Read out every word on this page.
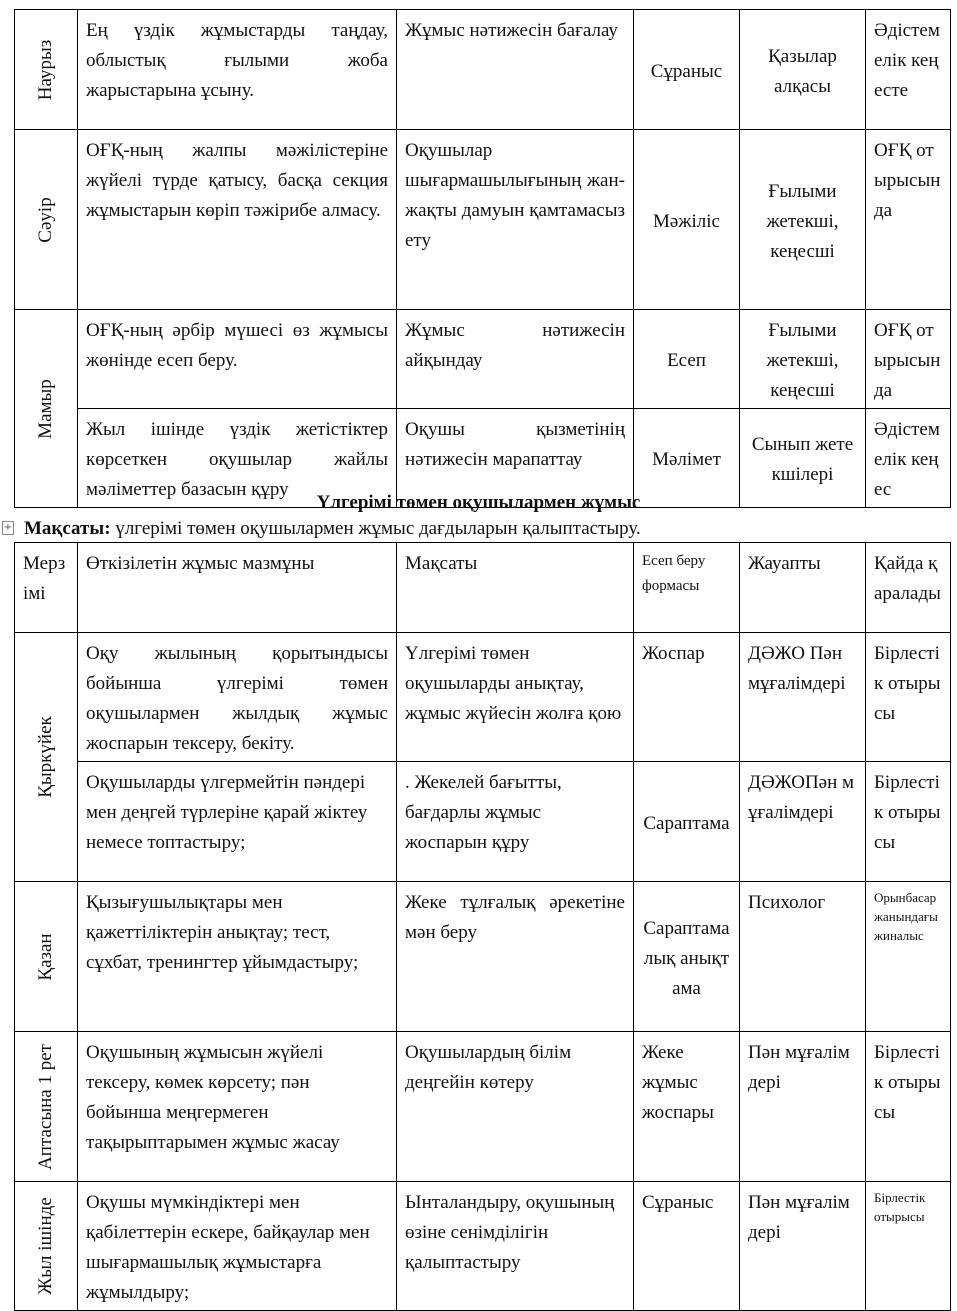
Наурыз	Ең үздік жұмыстарды таңдау, облыстық ғылыми жоба жарыстарына ұсыну.	Жұмыс нәтижесін бағалау	Сұраныс	Қазылар алқасы	Әдістемелік кеңесте

Сәуір	ОҒҚ-ның жалпы мәжілістеріне жүйелі түрде қатысу, басқа секция жұмыстарын көріп тәжірибе алмасу.	Оқушылар шығармашылығының жан-жақты дамуын қамтамасыз ету	Мәжіліс	Ғылыми жетекші, кеңесші	ОҒҚ отырысында

Мамыр	ОҒҚ-ның әрбір мүшесі өз жұмысы жөнінде есеп беру.	Жұмыс нәтижесін айқындау	Есеп	Ғылыми жетекші, кеңесші	ОҒҚ отырысында
	Жыл ішінде үздік жетістіктер көрсеткен оқушылар жайлы мәліметтер базасын құру	Оқушы қызметінің нәтижесін марапаттау	Мәлімет	Сынып жетекшілері	Әдістемелік кеңес
Үлгерімі төмен оқушылармен жұмыс
+ Мақсаты: үлгерімі төмен оқушылармен жұмыс дағдыларын қалыптастыру.
Мерзімі	Өткізілетін жұмыс мазмұны	Мақсаты	Есеп беру формасы	Жауапты	Қайда қаралады

Қыркүйек	Оқу жылының қорытындысы бойынша үлгерімі төмен оқушылармен жылдық жұмыс жоспарын тексеру, бекіту.	Үлгерімі төмен оқушыларды анықтау, жұмыс жүйесін жолға қою	Жоспар	ДӘЖО Пән мұғалімдері	Бірлестік отырысы
	Оқушыларды үлгермейтін пәндері мен деңгей түрлеріне қарай жіктеу немесе топтастыру;	. Жекелей бағытты, бағдарлы жұмыс жоспарын құру	Сараптама	ДӘЖОПән мұғалімдері	Бірлестік отырысы

Қазан	Қызығушылықтары мен қажеттіліктерін анықтау; тест, сұхбат, тренингтер ұйымдастыру;	Жеке тұлғалық әрекетіне мән беру	Сараптамалық анықтама	Психолог	Орынбасар жанындағы жиналыс

Аптасына 1 рет	Оқушының жұмысын жүйелі тексеру, көмек көрсету; пән бойынша меңгермеген тақырыптарымен жұмыс жасау	Оқушылардың білім деңгейін көтеру	Жеке жұмыс жоспары	Пән мұғалімдері	Бірлестік отырысы

Жыл ішінде	Оқушы мүмкіндіктері мен қабілеттерін ескере, байқаулар мен шығармашылық жұмыстарға жұмылдыру;	Ынталандыру, оқушының өзіне сенімділігін қалыптастыру	Сұраныс	Пән мұғалімдері	Бірлестік отырысы
